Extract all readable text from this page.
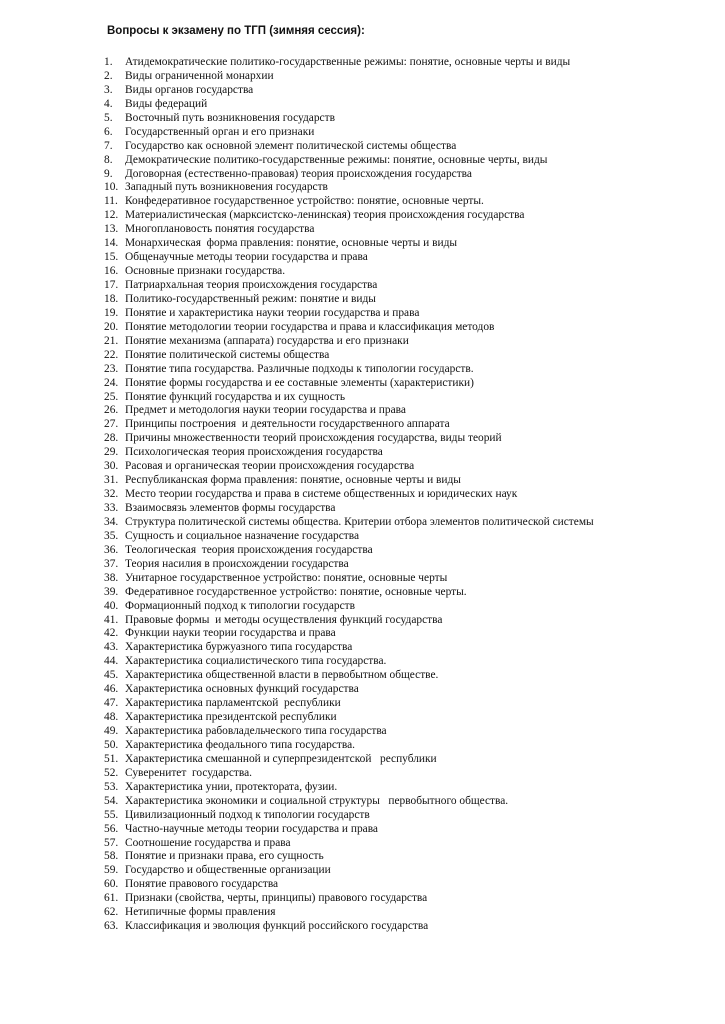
Вопросы к экзамену по ТГП (зимняя сессия):
1. Атидемократические политико-государственные режимы: понятие, основные черты и виды
2. Виды ограниченной монархии
3. Виды органов государства
4. Виды федераций
5. Восточный путь возникновения государств
6. Государственный орган и его признаки
7. Государство как основной элемент политической системы общества
8. Демократические политико-государственные режимы: понятие, основные черты, виды
9. Договорная (естественно-правовая) теория происхождения государства
10. Западный путь возникновения государств
11. Конфедеративное государственное устройство: понятие, основные черты.
12. Материалистическая (марксистско-ленинская) теория происхождения государства
13. Многоплановость понятия государства
14. Монархическая  форма правления: понятие, основные черты и виды
15. Общенаучные методы теории государства и права
16. Основные признаки государства.
17. Патриархальная теория происхождения государства
18. Политико-государственный режим: понятие и виды
19. Понятие и характеристика науки теории государства и права
20. Понятие методологии теории государства и права и классификация методов
21. Понятие механизма (аппарата) государства и его признаки
22. Понятие политической системы общества
23. Понятие типа государства. Различные подходы к типологии государств.
24. Понятие формы государства и ее составные элементы (характеристики)
25. Понятие функций государства и их сущность
26. Предмет и методология науки теории государства и права
27. Принципы построения  и деятельности государственного аппарата
28. Причины множественности теорий происхождения государства, виды теорий
29. Психологическая теория происхождения государства
30. Расовая и органическая теории происхождения государства
31. Республиканская форма правления: понятие, основные черты и виды
32. Место теории государства и права в системе общественных и юридических наук
33. Взаимосвязь элементов формы государства
34. Структура политической системы общества. Критерии отбора элементов политической системы
35. Сущность и социальное назначение государства
36. Теологическая  теория происхождения государства
37. Теория насилия в происхождении государства
38. Унитарное государственное устройство: понятие, основные черты
39. Федеративное государственное устройство: понятие, основные черты.
40. Формационный подход к типологии государств
41. Правовые формы  и методы осуществления функций государства
42. Функции науки теории государства и права
43. Характеристика буржуазного типа государства
44. Характеристика социалистического типа государства.
45. Характеристика общественной власти в первобытном обществе.
46. Характеристика основных функций государства
47. Характеристика парламентской  республики
48. Характеристика президентской республики
49. Характеристика рабовладельческого типа государства
50. Характеристика феодального типа государства.
51. Характеристика смешанной и суперпрезидентской   республики
52. Суверенитет  государства.
53. Характеристика унии, протектората, фузии.
54. Характеристика экономики и социальной структуры   первобытного общества.
55. Цивилизационный подход к типологии государств
56. Частно-научные методы теории государства и права
57. Соотношение государства и права
58. Понятие и признаки права, его сущность
59. Государство и общественные организации
60. Понятие правового государства
61. Признаки (свойства, черты, принципы) правового государства
62. Нетипичные формы правления
63. Классификация и эволюция функций российского государства
